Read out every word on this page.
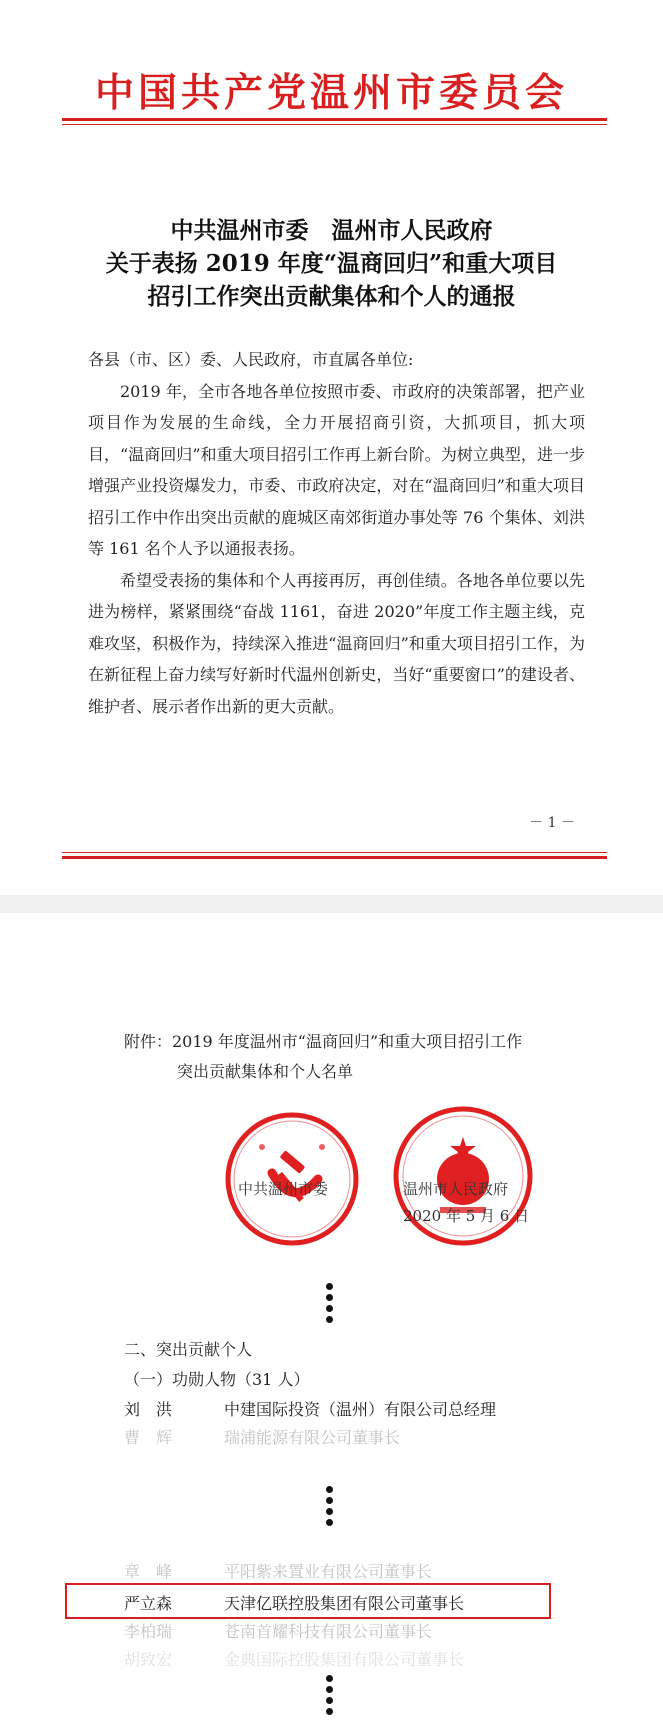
中国共产党温州市委员会
中共温州市委　温州市人民政府
关于表扬 2019 年度“温商回归”和重大项目
招引工作突出贡献集体和个人的通报

各县（市、区）委、人民政府，市直属各单位:

2019 年，全市各地各单位按照市委、市政府的决策部署，把产业项目作为发展的生命线，全力开展招商引资，大抓项目，抓大项目，“温商回归”和重大项目招引工作再上新台阶。为树立典型，进一步增强产业投资爆发力，市委、市政府决定，对在“温商回归”和重大项目招引工作中作出突出贡献的鹿城区南郊街道办事处等 76 个集体、刘洪等 161 名个人予以通报表扬。

希望受表扬的集体和个人再接再厉，再创佳绩。各地各单位要以先进为榜样，紧紧围绕“奋战 1161，奋进 2020”年度工作主题主线，克难攻坚，积极作为，持续深入推进“温商回归”和重大项目招引工作，为在新征程上奋力续写好新时代温州创新史，当好“重要窗口”的建设者、维护者、展示者作出新的更大贡献。

－ 1 －
附件：2019 年度温州市“温商回归”和重大项目招引工作
突出贡献集体和个人名单
中共温州市委	温州市人民政府
2020 年 5 月 6 日
二、突出贡献个人
（一）功勋人物（31 人）
刘　洪	中建国际投资（温州）有限公司总经理
曹　辉	瑞浦能源有限公司董事长
章　峰	平阳紫来置业有限公司董事长
严立森	天津亿联控股集团有限公司董事长
李柏瑞	苍南首耀科技有限公司董事长
胡致宏	金典国际控股集团有限公司董事长
